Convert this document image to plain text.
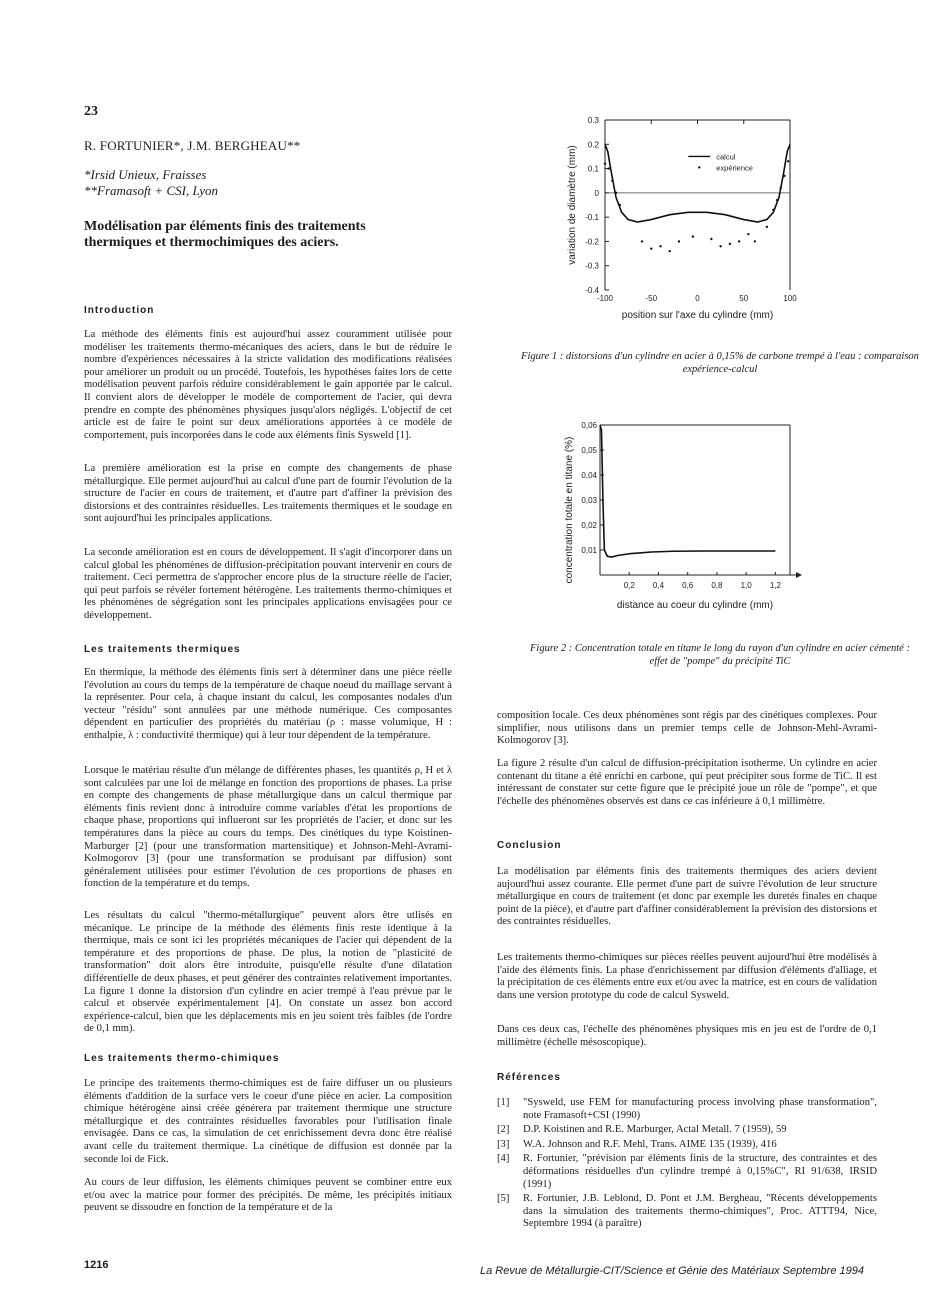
23
R. FORTUNIER*, J.M. BERGHEAU**
*Irsid Unieux, Fraisses
**Framasoft + CSI, Lyon
Modélisation par éléments finis des traitements thermiques et thermochimiques des aciers.
Introduction
La méthode des éléments finis est aujourd'hui assez couramment utilisée pour modéliser les traitements thermo-mécaniques des aciers, dans le but de réduire le nombre d'expériences nécessaires à la stricte validation des modifications réalisées pour améliorer un produit ou un procédé. Toutefois, les hypothèses faites lors de cette modélisation peuvent parfois réduire considérablement le gain apportée par le calcul. Il convient alors de développer le modèle de comportement de l'acier, qui devra prendre en compte des phénomènes physiques jusqu'alors négligés. L'objectif de cet article est de faire le point sur deux améliorations apportées à ce modèle de comportement, puis incorporées dans le code aux éléments finis Sysweld [1].
La première amélioration est la prise en compte des changements de phase métallurgique. Elle permet aujourd'hui au calcul d'une part de fournir l'évolution de la structure de l'acier en cours de traitement, et d'autre part d'affiner la prévision des distorsions et des contraintes résiduelles. Les traitements thermiques et le soudage en sont aujourd'hui les principales applications.
La seconde amélioration est en cours de développement. Il s'agit d'incorporer dans un calcul global les phénomènes de diffusion-précipitation pouvant intervenir en cours de traitement. Ceci permettra de s'approcher encore plus de la structure réelle de l'acier, qui peut parfois se révéler fortement hétérogène. Les traitements thermo-chimiques et les phénomènes de ségrégation sont les principales applications envisagées pour ce développement.
Les traitements thermiques
En thermique, la méthode des éléments finis sert à déterminer dans une pièce réelle l'évolution au cours du temps de la température de chaque noeud du maillage servant à la représenter. Pour cela, à chaque instant du calcul, les composantes nodales d'un vecteur "résidu" sont annulées par une méthode numérique. Ces composantes dépendent en particulier des propriétés du matériau (ρ : masse volumique, H : enthalpie, λ : conductivité thermique) qui à leur tour dépendent de la température.
Lorsque le matériau résulte d'un mélange de différentes phases, les quantités ρ, H et λ sont calculées par une loi de mélange en fonction des proportions de phases. La prise en compte des changements de phase métallurgique dans un calcul thermique par éléments finis revient donc à introduire comme variables d'état les proportions de chaque phase, proportions qui influeront sur les propriétés de l'acier, et donc sur les températures dans la pièce au cours du temps. Des cinétiques du type Koistinen-Marburger [2] (pour une transformation martensitique) et Johnson-Mehl-Avrami-Kolmogorov [3] (pour une transformation se produisant par diffusion) sont généralement utilisées pour estimer l'évolution de ces proportions de phases en fonction de la température et du temps.
Les résultats du calcul "thermo-métallurgique" peuvent alors être utlisés en mécanique. Le principe de la méthode des éléments finis reste identique à la thermique, mais ce sont ici les propriétés mécaniques de l'acier qui dépendent de la température et des proportions de phase. De plus, la notion de "plasticité de transformation" doit alors être introduite, puisqu'elle résulte d'une dilatation différentielle de deux phases, et peut générer des contraintes relativement importantes. La figure 1 donne la distorsion d'un cylindre en acier trempé à l'eau prévue par le calcul et observée expérimentalement [4]. On constate un assez bon accord expérience-calcul, bien que les déplacements mis en jeu soient très faibles (de l'ordre de 0,1 mm).
Les traitements thermo-chimiques
Le principe des traitements thermo-chimiques est de faire diffuser un ou plusieurs éléments d'addition de la surface vers le coeur d'une pièce en acier. La composition chimique hétérogène ainsi créée générera par traitement thermique une structure métallurgique et des contraintes résiduelles favorables pour l'utilisation finale envisagée. Dans ce cas, la simulation de cet enrichissement devra donc être réalisé avant celle du traitement thermique. La cinétique de diffusion est donnée par la seconde loi de Fick.
Au cours de leur diffusion, les éléments chimiques peuvent se combiner entre eux et/ou avec la matrice pour former des précipités. De même, les précipités initiaux peuvent se dissoudre en fonction de la température et de la
0.3
0.2
0.1
0
-0.1
-0.2
-0.3
-0.4
-100	-50	0	50	100
position sur l'axe du cylindre (mm)
variation de diamètre (mm)	calcul
expérience
Figure 1 : distorsions d'un cylindre en acier à 0,15% de carbone trempé à l'eau : comparaison expérience-calcul
0,06
0,05
0,04
0,03
0,02
0,01
0,2 0,4 0,6 0,8 1,0 1,2
distance au coeur du cylindre (mm)
concentration totale en titane (%)
Figure 2 : Concentration totale en titane le long du rayon d'un cylindre en acier cémenté : effet de "pompe" du précipité TiC
composition locale. Ces deux phénomènes sont régis par des cinétiques complexes. Pour simplifier, nous utilisons dans un premier temps celle de Johnson-Mehl-Avrami-Kolmogorov [3].
La figure 2 résulte d'un calcul de diffusion-précipitation isotherme. Un cylindre en acier contenant du titane a été enrichi en carbone, qui peut précipiter sous forme de TiC. Il est intéressant de constater sur cette figure que le précipité joue un rôle de "pompe", et que l'échelle des phénomènes observés est dans ce cas inférieure à 0,1 millimètre.
Conclusion
La modélisation par éléments finis des traitements thermiques des aciers devient aujourd'hui assez courante. Elle permet d'une part de suivre l'évolution de leur structure métallurgique en cours de traitement (et donc par exemple les duretés finales en chaque point de la pièce), et d'autre part d'affiner considérablement la prévision des distorsions et des contraintes résiduelles.
Les traitements thermo-chimiques sur pièces réelles peuvent aujourd'hui être modélisés à l'aide des éléments finis. La phase d'enrichissement par diffusion d'éléments d'alliage, et la précipitation de ces éléments entre eux et/ou avec la matrice, est en cours de validation dans une version prototype du code de calcul Sysweld.
Dans ces deux cas, l'échelle des phénomènes physiques mis en jeu est de l'ordre de 0,1 millimètre (échelle mésoscopique).
Références
[1]	"Sysweld, use FEM for manufacturing process involving phase transformation", note Framasoft+CSI (1990)
[2]	D.P. Koistinen and R.E. Marburger, Actal Metall. 7 (1959), 59
[3]	W.A. Johnson and R.F. Mehl, Trans. AIME 135 (1939), 416
[4]	R. Fortunier, "prévision par éléments finis de la structure, des contraintes et des déformations résiduelles d'un cylindre trempé à 0,15%C", RI 91/638, IRSID (1991)
[5]	R. Fortunier, J.B. Leblond, D. Pont et J.M. Bergheau, "Récents développements dans la simulation des traitements thermo-chimiques", Proc. ATTT94, Nice, Septembre 1994 (à paraître)
1216	La Revue de Métallurgie-CIT/Science et Génie des Matériaux Septembre 1994
